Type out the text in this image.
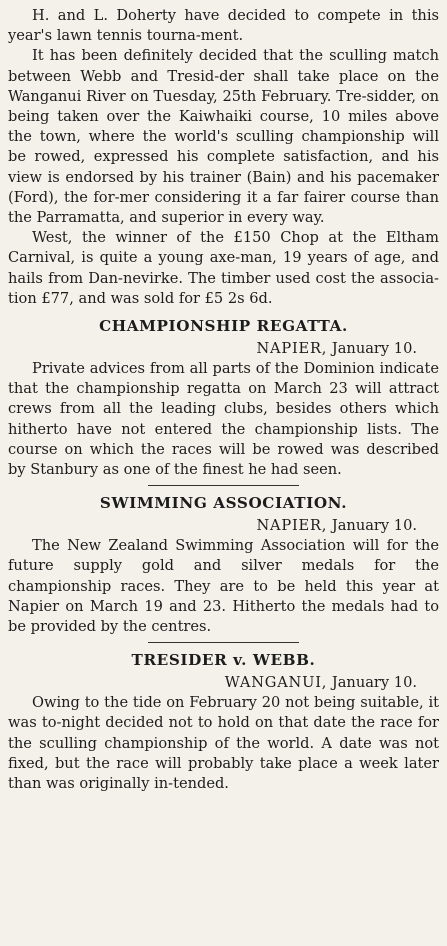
H. and L. Doherty have decided to compete in this year's lawn tennis tourna-ment.

It has been definitely decided that the sculling match between Webb and Tresid-der shall take place on the Wanganui River on Tuesday, 25th February. Tre-sidder, on being taken over the Kaiwhaiki course, 10 miles above the town, where the world's sculling championship will be rowed, expressed his complete satisfaction, and his view is endorsed by his trainer (Bain) and his pacemaker (Ford), the for-mer considering it a far fairer course than the Parramatta, and superior in every way.

West, the winner of the £150 Chop at the Eltham Carnival, is quite a young axe-man, 19 years of age, and hails from Dan-nevirke. The timber used cost the associa-tion £77, and was sold for £5 2s 6d.

CHAMPIONSHIP REGATTA.

NAPIER, January 10.

Private advices from all parts of the Dominion indicate that the championship regatta on March 23 will attract crews from all the leading clubs, besides others which hitherto have not entered the championship lists. The course on which the races will be rowed was described by Stanbury as one of the finest he had seen.

SWIMMING ASSOCIATION.

NAPIER, January 10.

The New Zealand Swimming Association will for the future supply gold and silver medals for the championship races. They are to be held this year at Napier on March 19 and 23. Hitherto the medals had to be provided by the centres.

TRESIDER v. WEBB.

WANGANUI, January 10.

Owing to the tide on February 20 not being suitable, it was to-night decided not to hold on that date the race for the sculling championship of the world. A date was not fixed, but the race will probably take place a week later than was originally in-tended.
